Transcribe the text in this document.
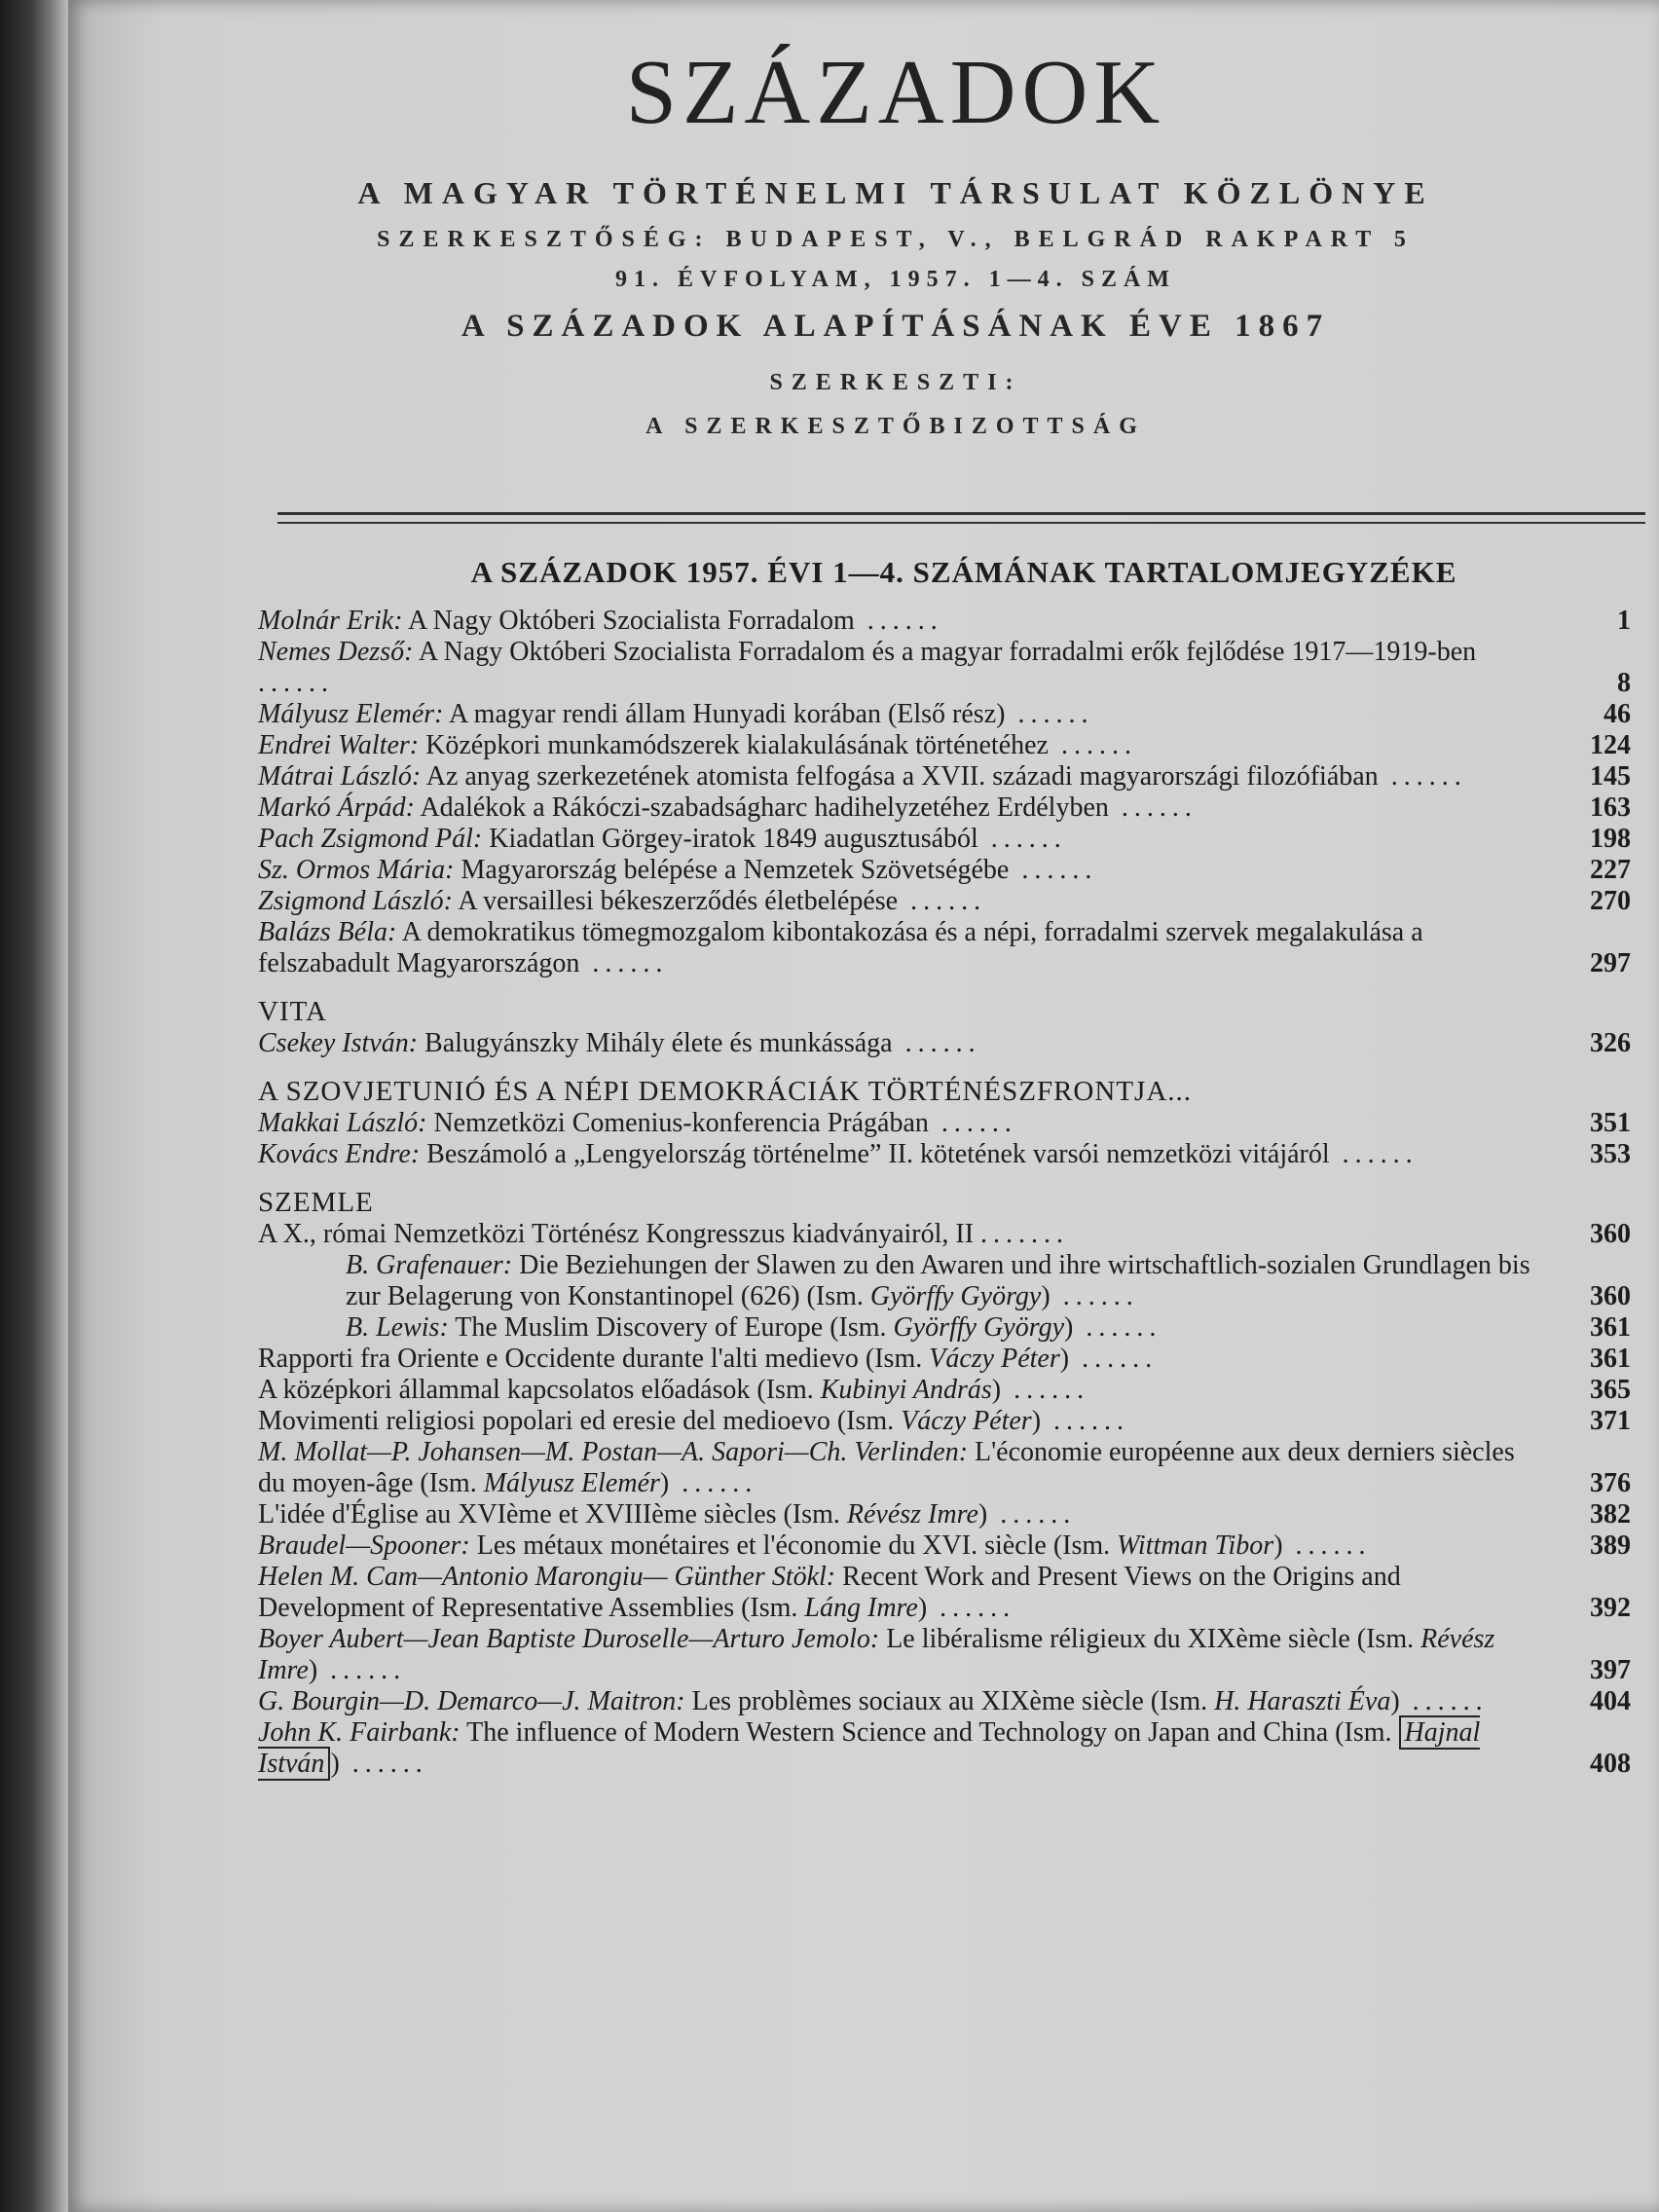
SZÁZADOK

A MAGYAR TÖRTÉNELMI TÁRSULAT KÖZLÖNYE

SZERKESZTŐSÉG: BUDAPEST, V., BELGRÁD RAKPART 5

91. ÉVFOLYAM, 1957. 1—4. SZÁM

A SZÁZADOK ALAPÍTÁSÁNAK ÉVE 1867

SZERKESZTI:

A SZERKESZTŐBIZOTTSÁG

A SZÁZADOK 1957. ÉVI 1—4. SZÁMÁNAK TARTALOMJEGYZÉKE
Molnár Erik: A Nagy Októberi Szocialista Forradalom ......	1
Nemes Dezső: A Nagy Októberi Szocialista Forradalom és a magyar forradalmi erők fejlődése 1917—1919-ben ......	8
Mályusz Elemér: A magyar rendi állam Hunyadi korában (Első rész) ......	46
Endrei Walter: Középkori munkamódszerek kialakulásának történetéhez ......	124
Mátrai László: Az anyag szerkezetének atomista felfogása a XVII. századi magyarországi filozófiában ......	145
Markó Árpád: Adalékok a Rákóczi-szabadságharc hadihelyzetéhez Erdélyben ......	163
Pach Zsigmond Pál: Kiadatlan Görgey-iratok 1849 augusztusából ......	198
Sz. Ormos Mária: Magyarország belépése a Nemzetek Szövetségébe ......	227
Zsigmond László: A versaillesi békeszerződés életbelépése ......	270
Balázs Béla: A demokratikus tömegmozgalom kibontakozása és a népi, forradalmi szervek megalakulása a felszabadult Magyarországon ......	297
VITA
Csekey István: Balugyánszky Mihály élete és munkássága ......	326
A SZOVJETUNIÓ ÉS A NÉPI DEMOKRÁCIÁK TÖRTÉNÉSZFRONTJA...
Makkai László: Nemzetközi Comenius-konferencia Prágában ......	351
Kovács Endre: Beszámoló a „Lengyelország történelme” II. kötetének varsói nemzetközi vitájáról ......	353
SZEMLE
A X., római Nemzetközi Történész Kongresszus kiadványairól, II .......	360
B. Grafenauer: Die Beziehungen der Slawen zu den Awaren und ihre wirtschaftlich-sozialen Grundlagen bis zur Belagerung von Konstantinopel (626) (Ism. Györffy György) ......	360
B. Lewis: The Muslim Discovery of Europe (Ism. Györffy György) ......	361
Rapporti fra Oriente e Occidente durante l'alti medievo (Ism. Váczy Péter) ......	361
A középkori állammal kapcsolatos előadások (Ism. Kubinyi András) ......	365
Movimenti religiosi popolari ed eresie del medioevo (Ism. Váczy Péter) ......	371
M. Mollat—P. Johansen—M. Postan—A. Sapori—Ch. Verlinden: L'économie européenne aux deux derniers siècles du moyen-âge (Ism. Mályusz Elemér) ......	376
L'idée d'Église au XVIème et XVIIIème siècles (Ism. Révész Imre) ......	382
Braudel—Spooner: Les métaux monétaires et l'économie du XVI. siècle (Ism. Wittman Tibor) ......	389
Helen M. Cam—Antonio Marongiu— Günther Stökl: Recent Work and Present Views on the Origins and Development of Representative Assemblies (Ism. Láng Imre) ......	392
Boyer Aubert—Jean Baptiste Duroselle—Arturo Jemolo: Le libéralisme réligieux du XIXème siècle (Ism. Révész Imre) ......	397
G. Bourgin—D. Demarco—J. Maitron: Les problèmes sociaux au XIXème siècle (Ism. H. Haraszti Éva) ......	404
John K. Fairbank: The influence of Modern Western Science and Technology on Japan and China (Ism. Hajnal István ) ......	408
